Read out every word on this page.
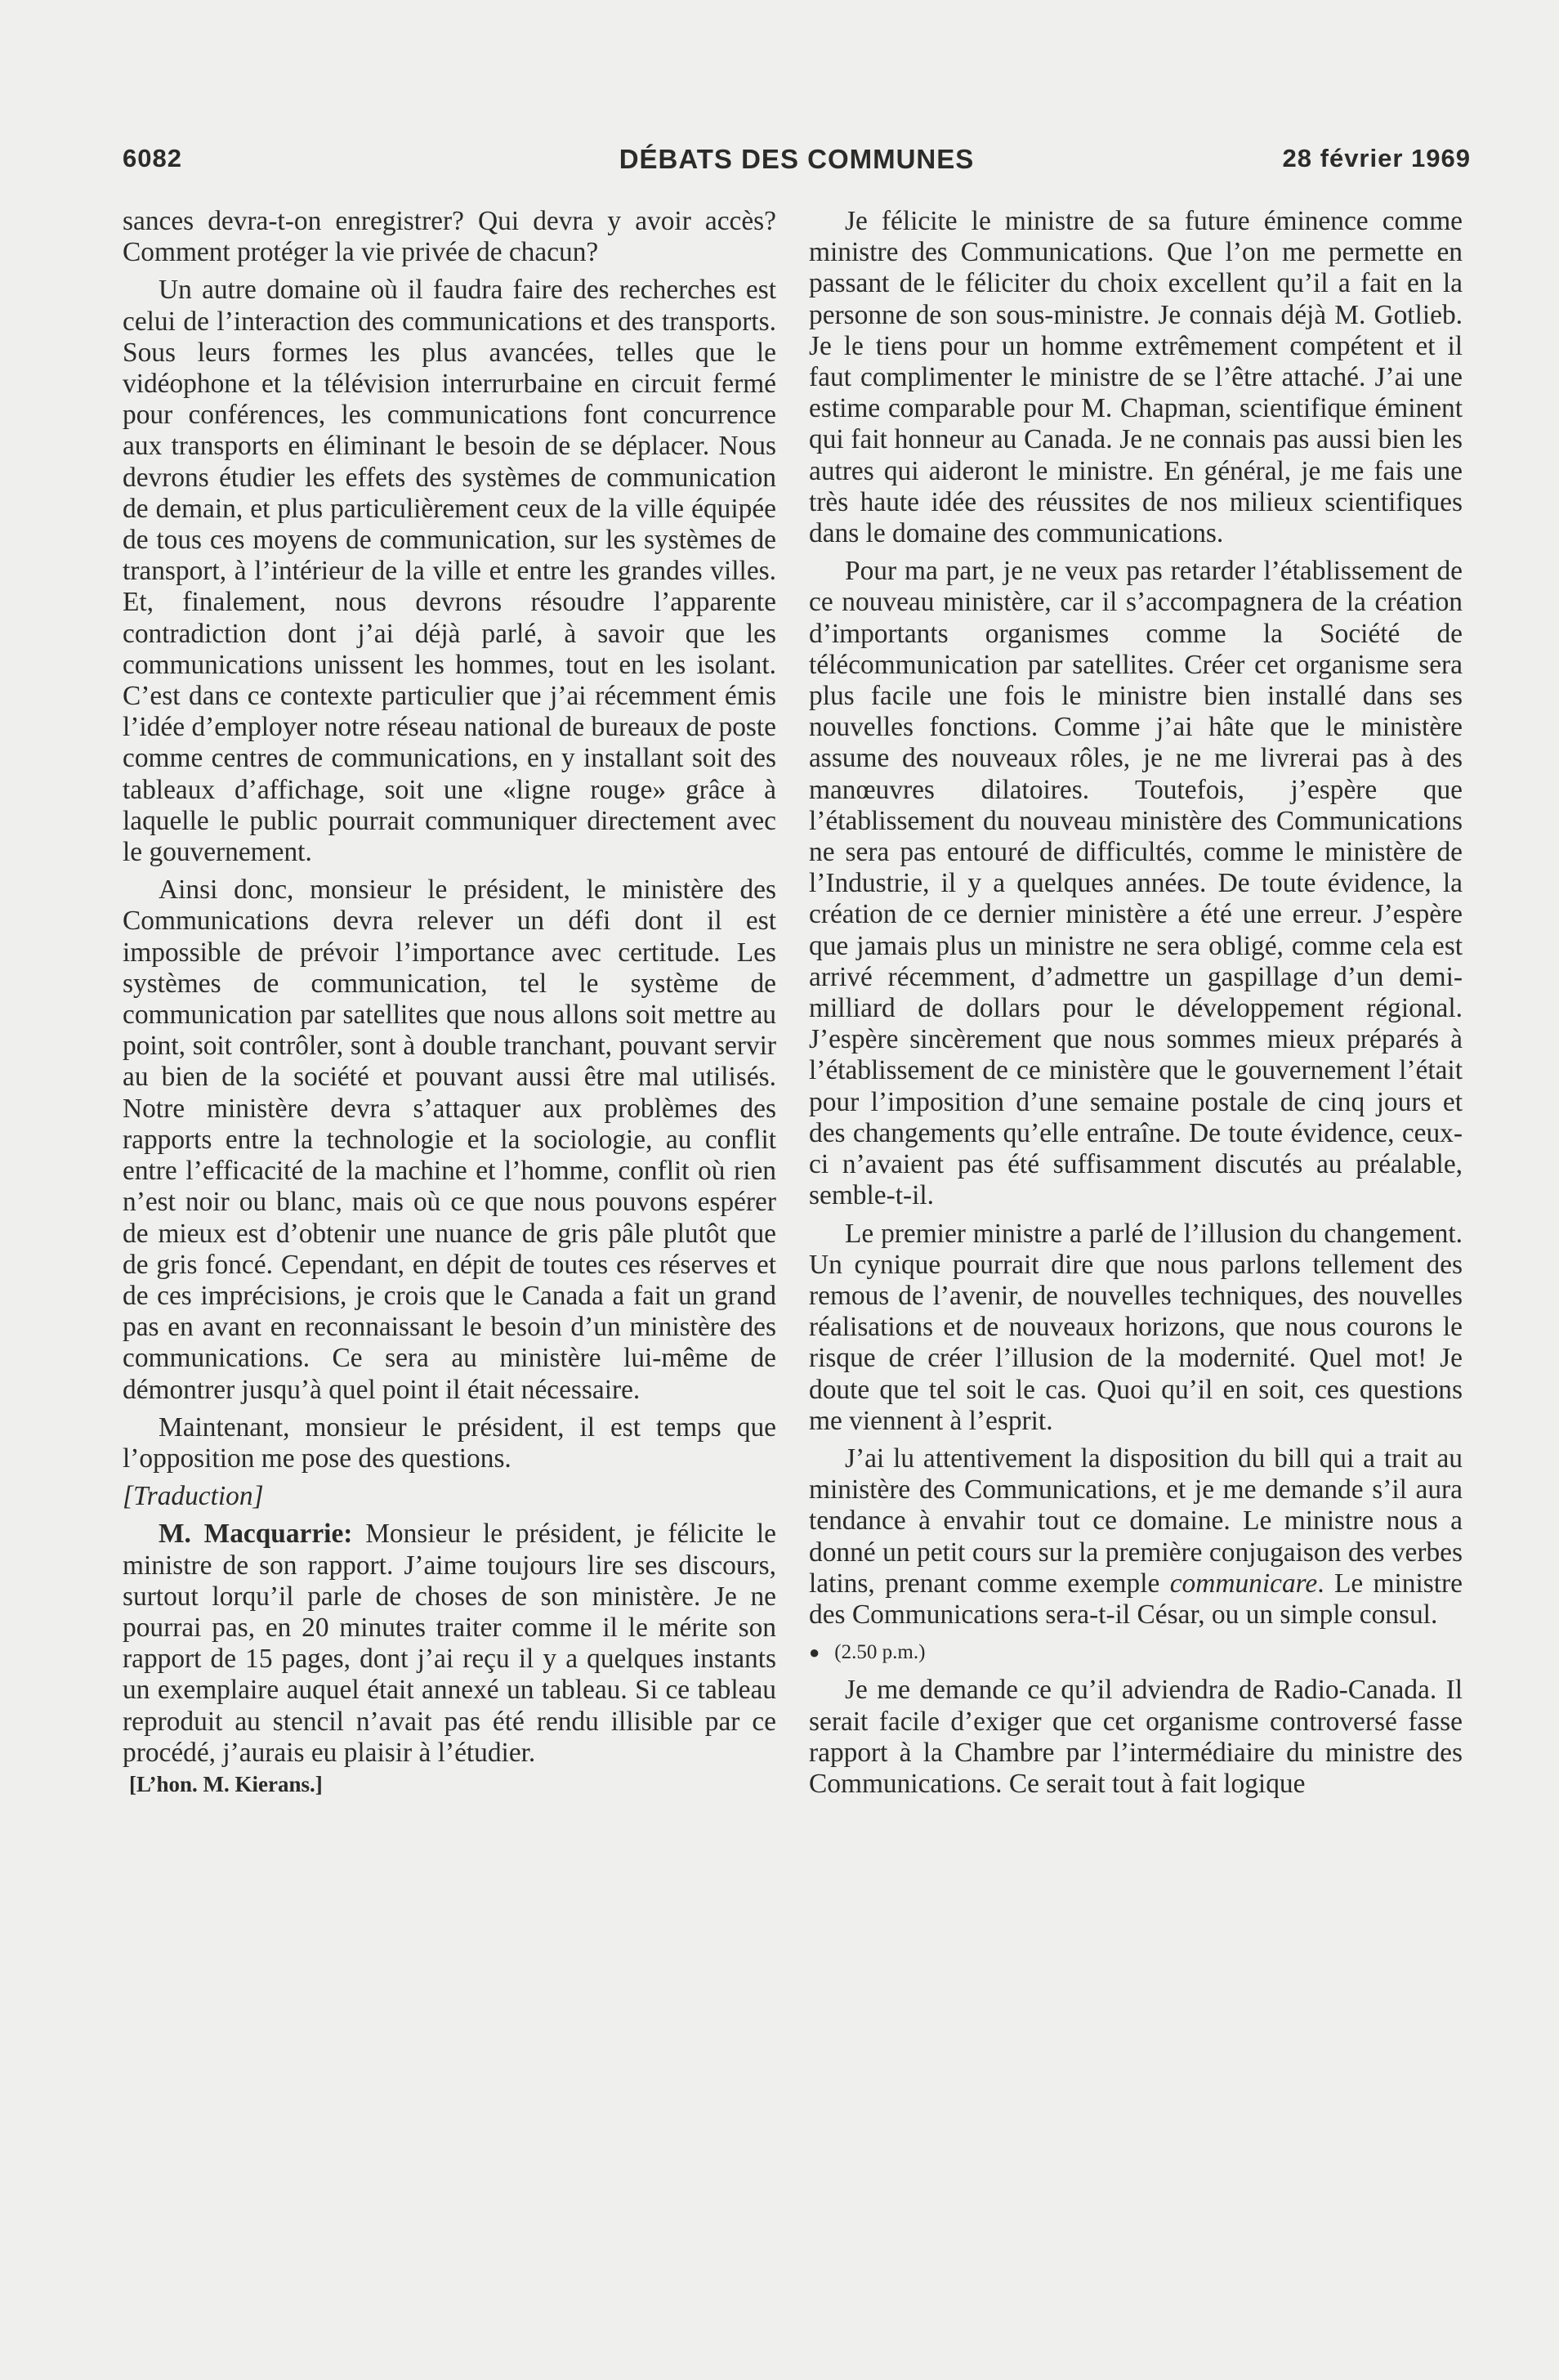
6082	DÉBATS DES COMMUNES	28 février 1969

sances devra-t-on enregistrer? Qui devra y avoir accès? Comment protéger la vie privée de chacun?

Un autre domaine où il faudra faire des recherches est celui de l’interaction des communications et des transports. Sous leurs formes les plus avancées, telles que le vidéophone et la télévision interrurbaine en circuit fermé pour conférences, les communications font concurrence aux transports en éliminant le besoin de se déplacer. Nous devrons étudier les effets des systèmes de communication de demain, et plus particulièrement ceux de la ville équipée de tous ces moyens de communication, sur les systèmes de transport, à l’intérieur de la ville et entre les grandes villes. Et, finalement, nous devrons résoudre l’apparente contradiction dont j’ai déjà parlé, à savoir que les communications unissent les hommes, tout en les isolant. C’est dans ce contexte particulier que j’ai récemment émis l’idée d’employer notre réseau national de bureaux de poste comme centres de communications, en y installant soit des tableaux d’affichage, soit une «ligne rouge» grâce à laquelle le public pourrait communiquer directement avec le gouvernement.

Ainsi donc, monsieur le président, le ministère des Communications devra relever un défi dont il est impossible de prévoir l’importance avec certitude. Les systèmes de communication, tel le système de communication par satellites que nous allons soit mettre au point, soit contrôler, sont à double tranchant, pouvant servir au bien de la société et pouvant aussi être mal utilisés. Notre ministère devra s’attaquer aux problèmes des rapports entre la technologie et la sociologie, au conflit entre l’efficacité de la machine et l’homme, conflit où rien n’est noir ou blanc, mais où ce que nous pouvons espérer de mieux est d’obtenir une nuance de gris pâle plutôt que de gris foncé. Cependant, en dépit de toutes ces réserves et de ces imprécisions, je crois que le Canada a fait un grand pas en avant en reconnaissant le besoin d’un ministère des communications. Ce sera au ministère lui-même de démontrer jusqu’à quel point il était nécessaire.

Maintenant, monsieur le président, il est temps que l’opposition me pose des questions.

[Traduction]

M. Macquarrie: Monsieur le président, je félicite le ministre de son rapport. J’aime toujours lire ses discours, surtout lorqu’il parle de choses de son ministère. Je ne pourrai pas, en 20 minutes traiter comme il le mérite son rapport de 15 pages, dont j’ai reçu il y a quelques instants un exemplaire auquel était annexé un tableau. Si ce tableau reproduit au stencil n’avait pas été rendu illisible par ce procédé, j’aurais eu plaisir à l’étudier.

[L’hon. M. Kierans.]

Je félicite le ministre de sa future éminence comme ministre des Communications. Que l’on me permette en passant de le féliciter du choix excellent qu’il a fait en la personne de son sous-ministre. Je connais déjà M. Gotlieb. Je le tiens pour un homme extrêmement compétent et il faut complimenter le ministre de se l’être attaché. J’ai une estime comparable pour M. Chapman, scientifique éminent qui fait honneur au Canada. Je ne connais pas aussi bien les autres qui aideront le ministre. En général, je me fais une très haute idée des réussites de nos milieux scientifiques dans le domaine des communications.

Pour ma part, je ne veux pas retarder l’établissement de ce nouveau ministère, car il s’accompagnera de la création d’importants organismes comme la Société de télécommunication par satellites. Créer cet organisme sera plus facile une fois le ministre bien installé dans ses nouvelles fonctions. Comme j’ai hâte que le ministère assume des nouveaux rôles, je ne me livrerai pas à des manœuvres dilatoires. Toutefois, j’espère que l’établissement du nouveau ministère des Communications ne sera pas entouré de difficultés, comme le ministère de l’Industrie, il y a quelques années. De toute évidence, la création de ce dernier ministère a été une erreur. J’espère que jamais plus un ministre ne sera obligé, comme cela est arrivé récemment, d’admettre un gaspillage d’un demi-milliard de dollars pour le développement régional. J’espère sincèrement que nous sommes mieux préparés à l’établissement de ce ministère que le gouvernement l’était pour l’imposition d’une semaine postale de cinq jours et des changements qu’elle entraîne. De toute évidence, ceux-ci n’avaient pas été suffisamment discutés au préalable, semble-t-il.

Le premier ministre a parlé de l’illusion du changement. Un cynique pourrait dire que nous parlons tellement des remous de l’avenir, de nouvelles techniques, des nouvelles réalisations et de nouveaux horizons, que nous courons le risque de créer l’illusion de la modernité. Quel mot! Je doute que tel soit le cas. Quoi qu’il en soit, ces questions me viennent à l’esprit.

J’ai lu attentivement la disposition du bill qui a trait au ministère des Communications, et je me demande s’il aura tendance à envahir tout ce domaine. Le ministre nous a donné un petit cours sur la première conjugaison des verbes latins, prenant comme exemple communicare. Le ministre des Communications sera-t-il César, ou un simple consul.

● (2.50 p.m.)

Je me demande ce qu’il adviendra de Radio-Canada. Il serait facile d’exiger que cet organisme controversé fasse rapport à la Chambre par l’intermédiaire du ministre des Communications. Ce serait tout à fait logique
